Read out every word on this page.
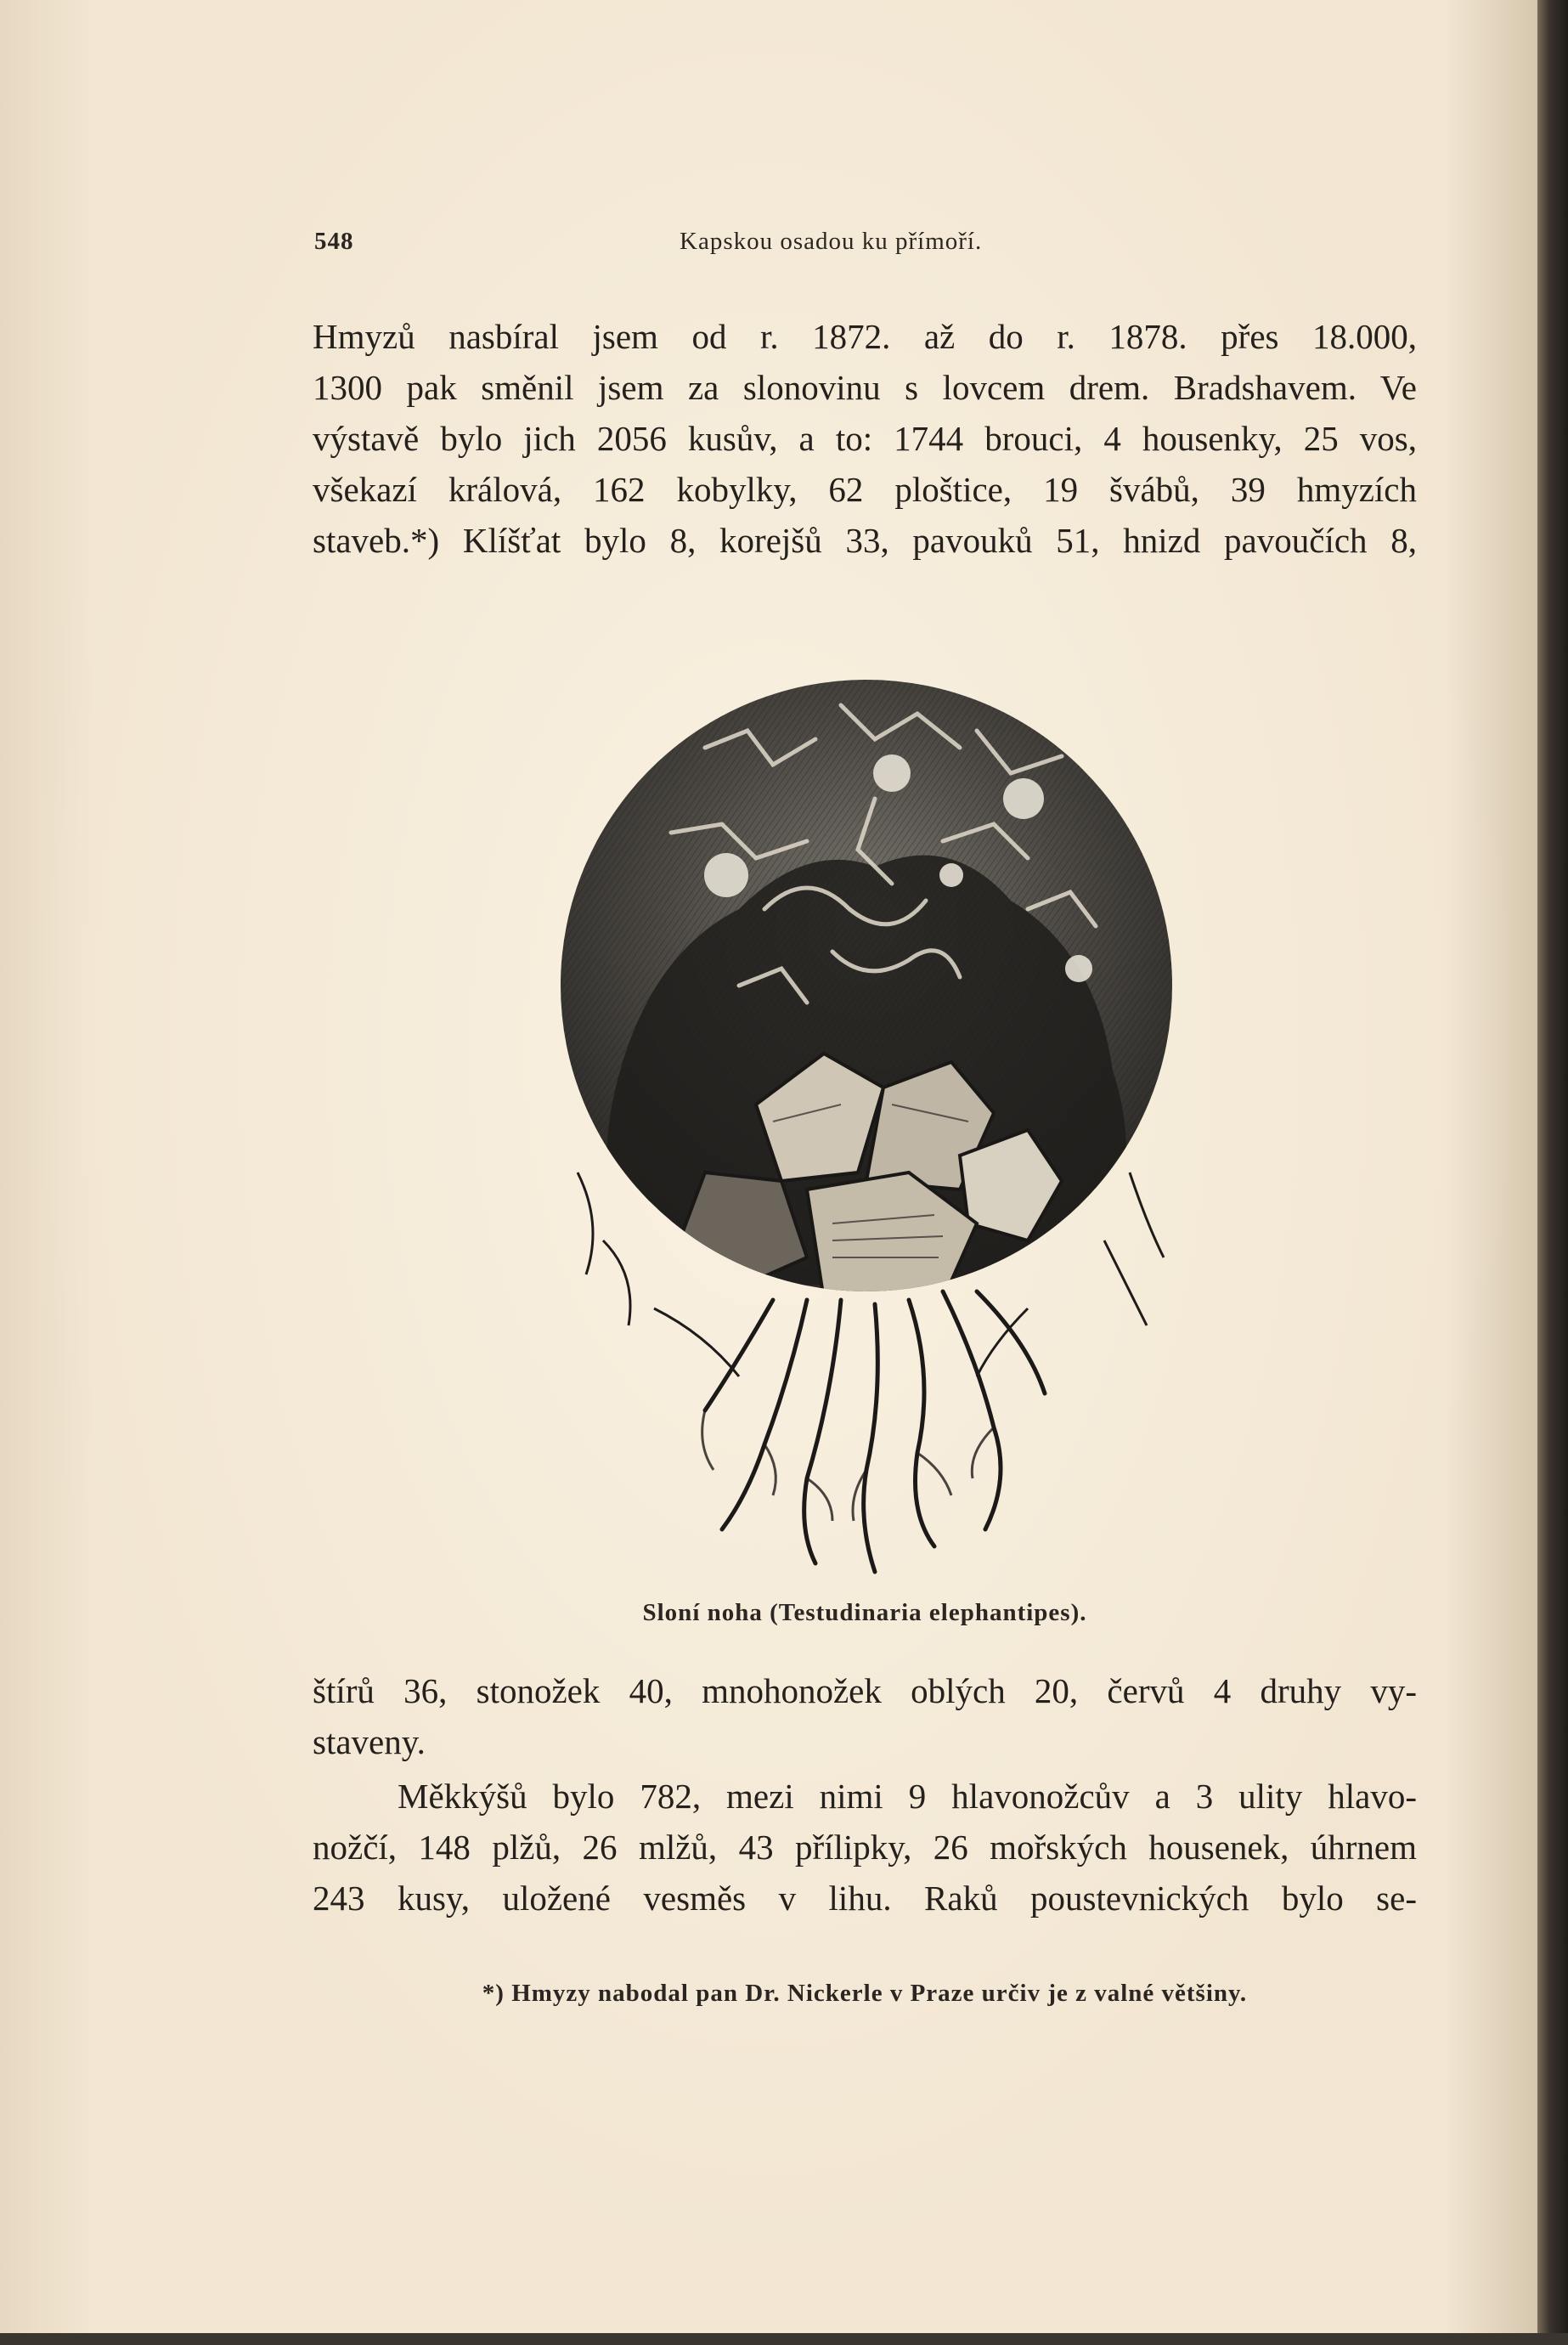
548	Kapskou osadou ku přímoří.
Hmyzů nasbíral jsem od r. 1872. až do r. 1878. přes 18.000,
1300 pak směnil jsem za slonovinu s lovcem drem. Bradshavem. Ve
výstavě bylo jich 2056 kusův, a to: 1744 brouci, 4 housenky, 25 vos,
všekazí králová, 162 kobylky, 62 ploštice, 19 švábů, 39 hmyzích
staveb.*) Klíšťat bylo 8, korejšů 33, pavouků 51, hnizd pavoučích 8,
Sloní noha (Testudinaria elephantipes).
štírů 36, stonožek 40, mnohonožek oblých 20, červů 4 druhy vy-
staveny.
Měkkýšů bylo 782, mezi nimi 9 hlavonožcův a 3 ulity hlavo-
nožčí, 148 plžů, 26 mlžů, 43 přílipky, 26 mořských housenek, úhrnem
243 kusy, uložené vesměs v lihu. Raků poustevnických bylo se-
*) Hmyzy nabodal pan Dr. Nickerle v Praze určiv je z valné většiny.
